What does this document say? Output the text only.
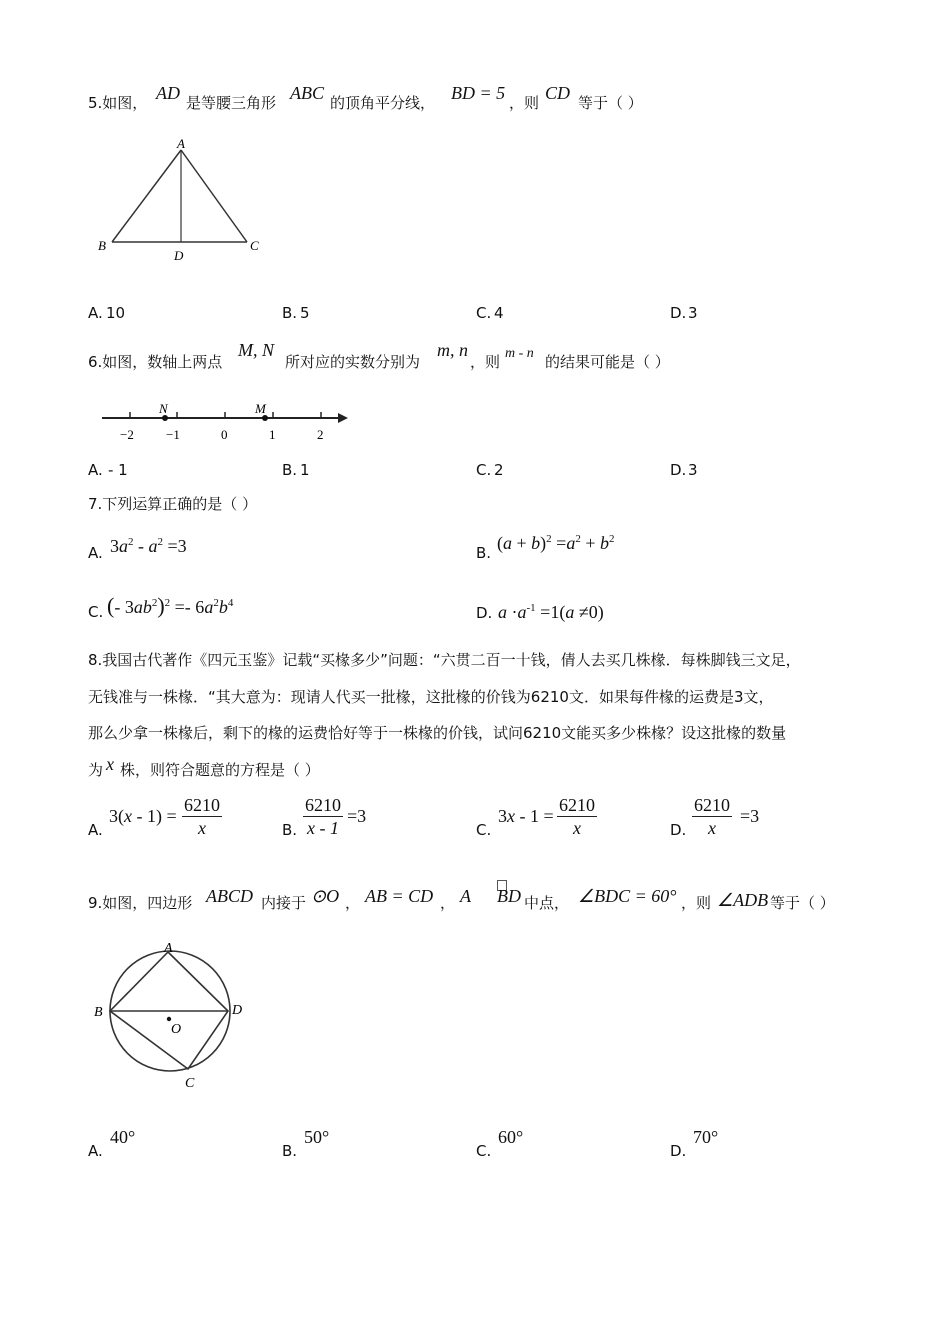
5.如图， AD 是等腰三角形 ABC 的顶角平分线， BD = 5 ，则 CD 等于（ ）
A
B	C
D
A. 10	B. 5	C. 4	D. 3
6.如图，数轴上两点
M, N
所对应的实数分别为
m, n
，则 m - n 的结果可能是（ ）
N	M
−2 −1	0	1	2
A. - 1	B. 1	C. 2	D. 3
7.下列运算正确的是（ ）
A. $3a^2 - a^2 =3$	B. $(a + b)^2 =a^2 + b^2$
C. (- $3ab^2)^2 =- 6a^2b^4$
D. $a \cdot a^{-1} =1(a \ne 0)$
8.我国古代著作《四元玉鉴》记载“买椽多少”问题：“六贯二百一十钱，倩人去买几株椽．每株脚钱三文足，
无钱准与一株椽．“其大意为：现请人代买一批椽，这批椽的价钱为6210文．如果每件椽的运费是3文，
那么少拿一株椽后，剩下的椽的运费恰好等于一株椽的价钱，试问6210文能买多少株椽？设这批椽的数量
为 x 株，则符合题意的方程是（ ）
A.
$3(x - 1) = \frac{6210}{x}$	B. $\frac{6210}{x - 1} =3$
C.
$3x - 1 = \frac{6210}{x}$	D. $\frac{6210}{x} =3$
9.如图，四边形 ABCD 内接于 ⊙O ， AB = CD ， A BD 中点， ∠BDC = 60° ，则 ∠ADB 等于（ ）
A
B	D
C
O
A.
40°
B.
50°
C.
60°
D.
70°
